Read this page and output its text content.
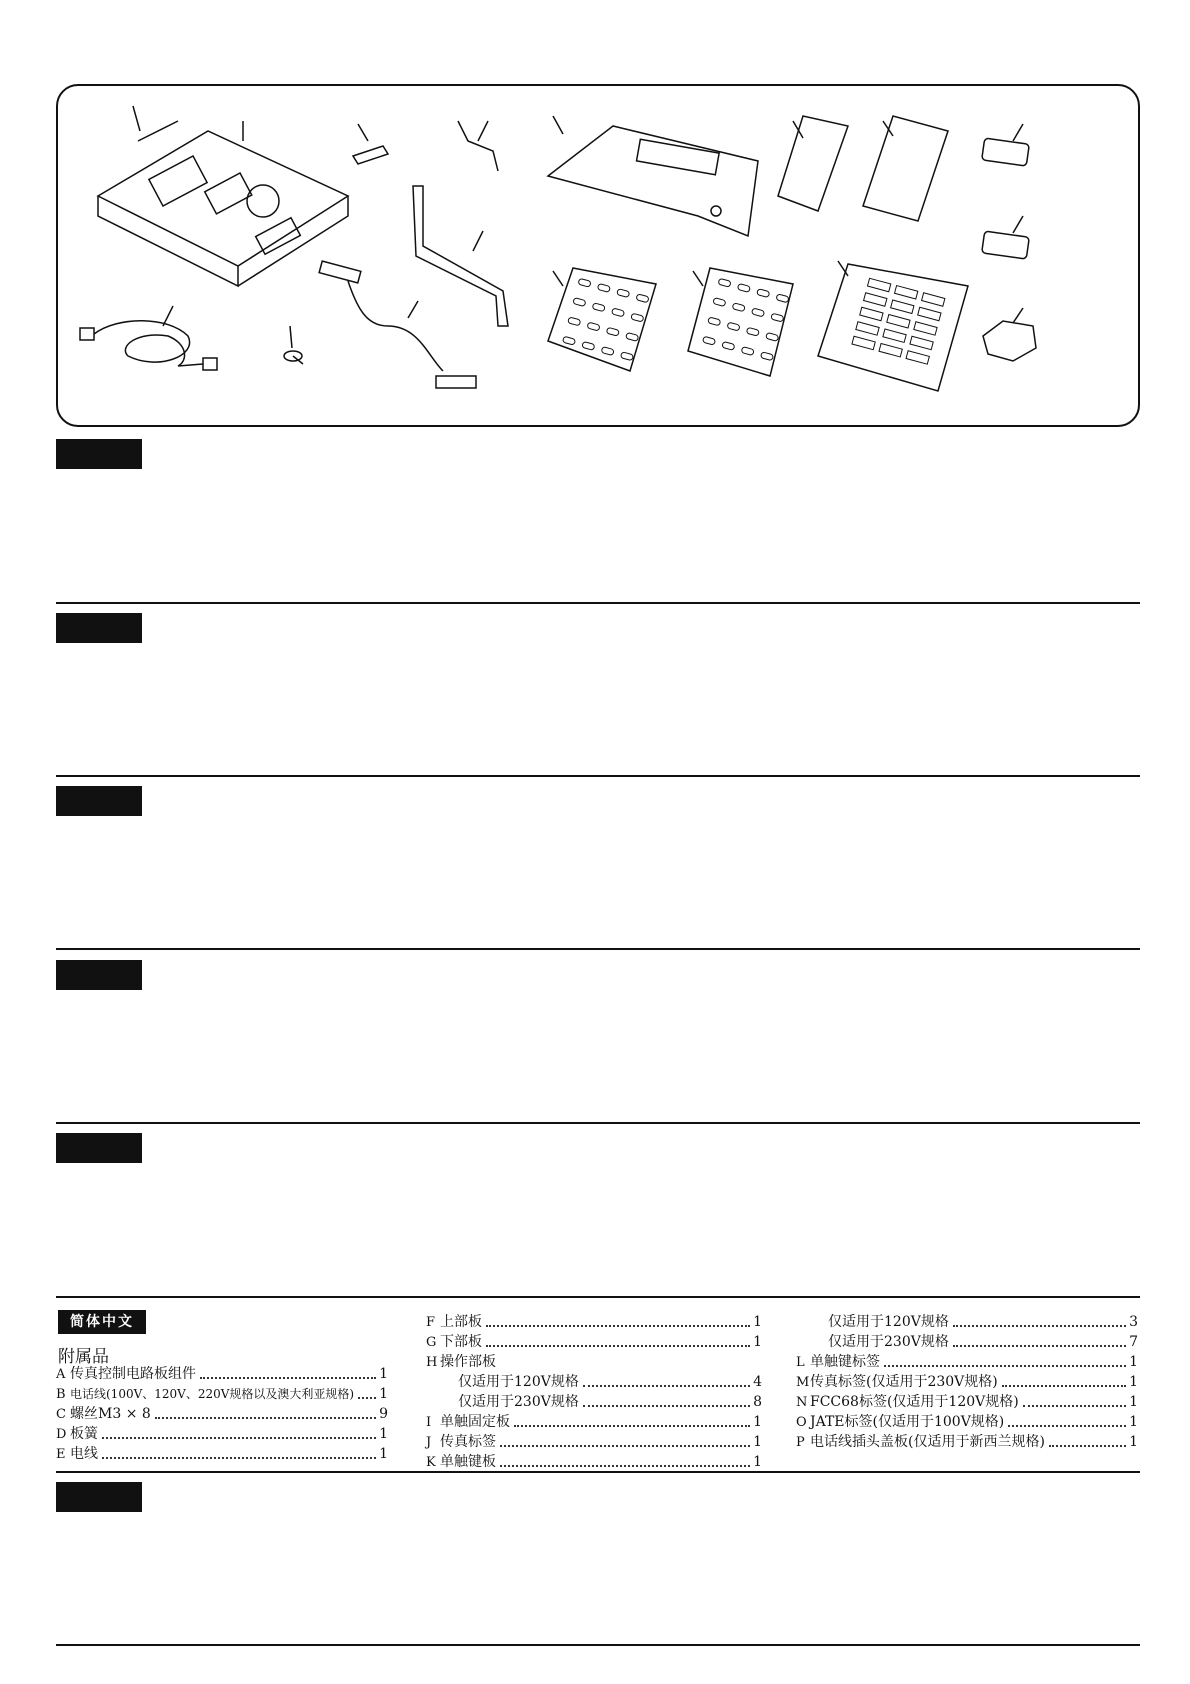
简体中文
附属品
A 传真控制电路板组件	1
B 电话线(100V、120V、220V规格以及澳大利亚规格) 1
C 螺丝M3 × 8	9
D 板簧	1
E 电线	1
F 上部板	1
G 下部板	1
H 操作部板
仅适用于120V规格	4
仅适用于230V规格	8
I 单触固定板	1
J 传真标签	1
K 单触键板	1
仅适用于120V规格	3
仅适用于230V规格	7
L 单触键标签	1
M 传真标签(仅适用于230V规格)	1
N FCC68标签(仅适用于120V规格)	1
O JATE标签(仅适用于100V规格)	1
P 电话线插头盖板(仅适用于新西兰规格)	1
